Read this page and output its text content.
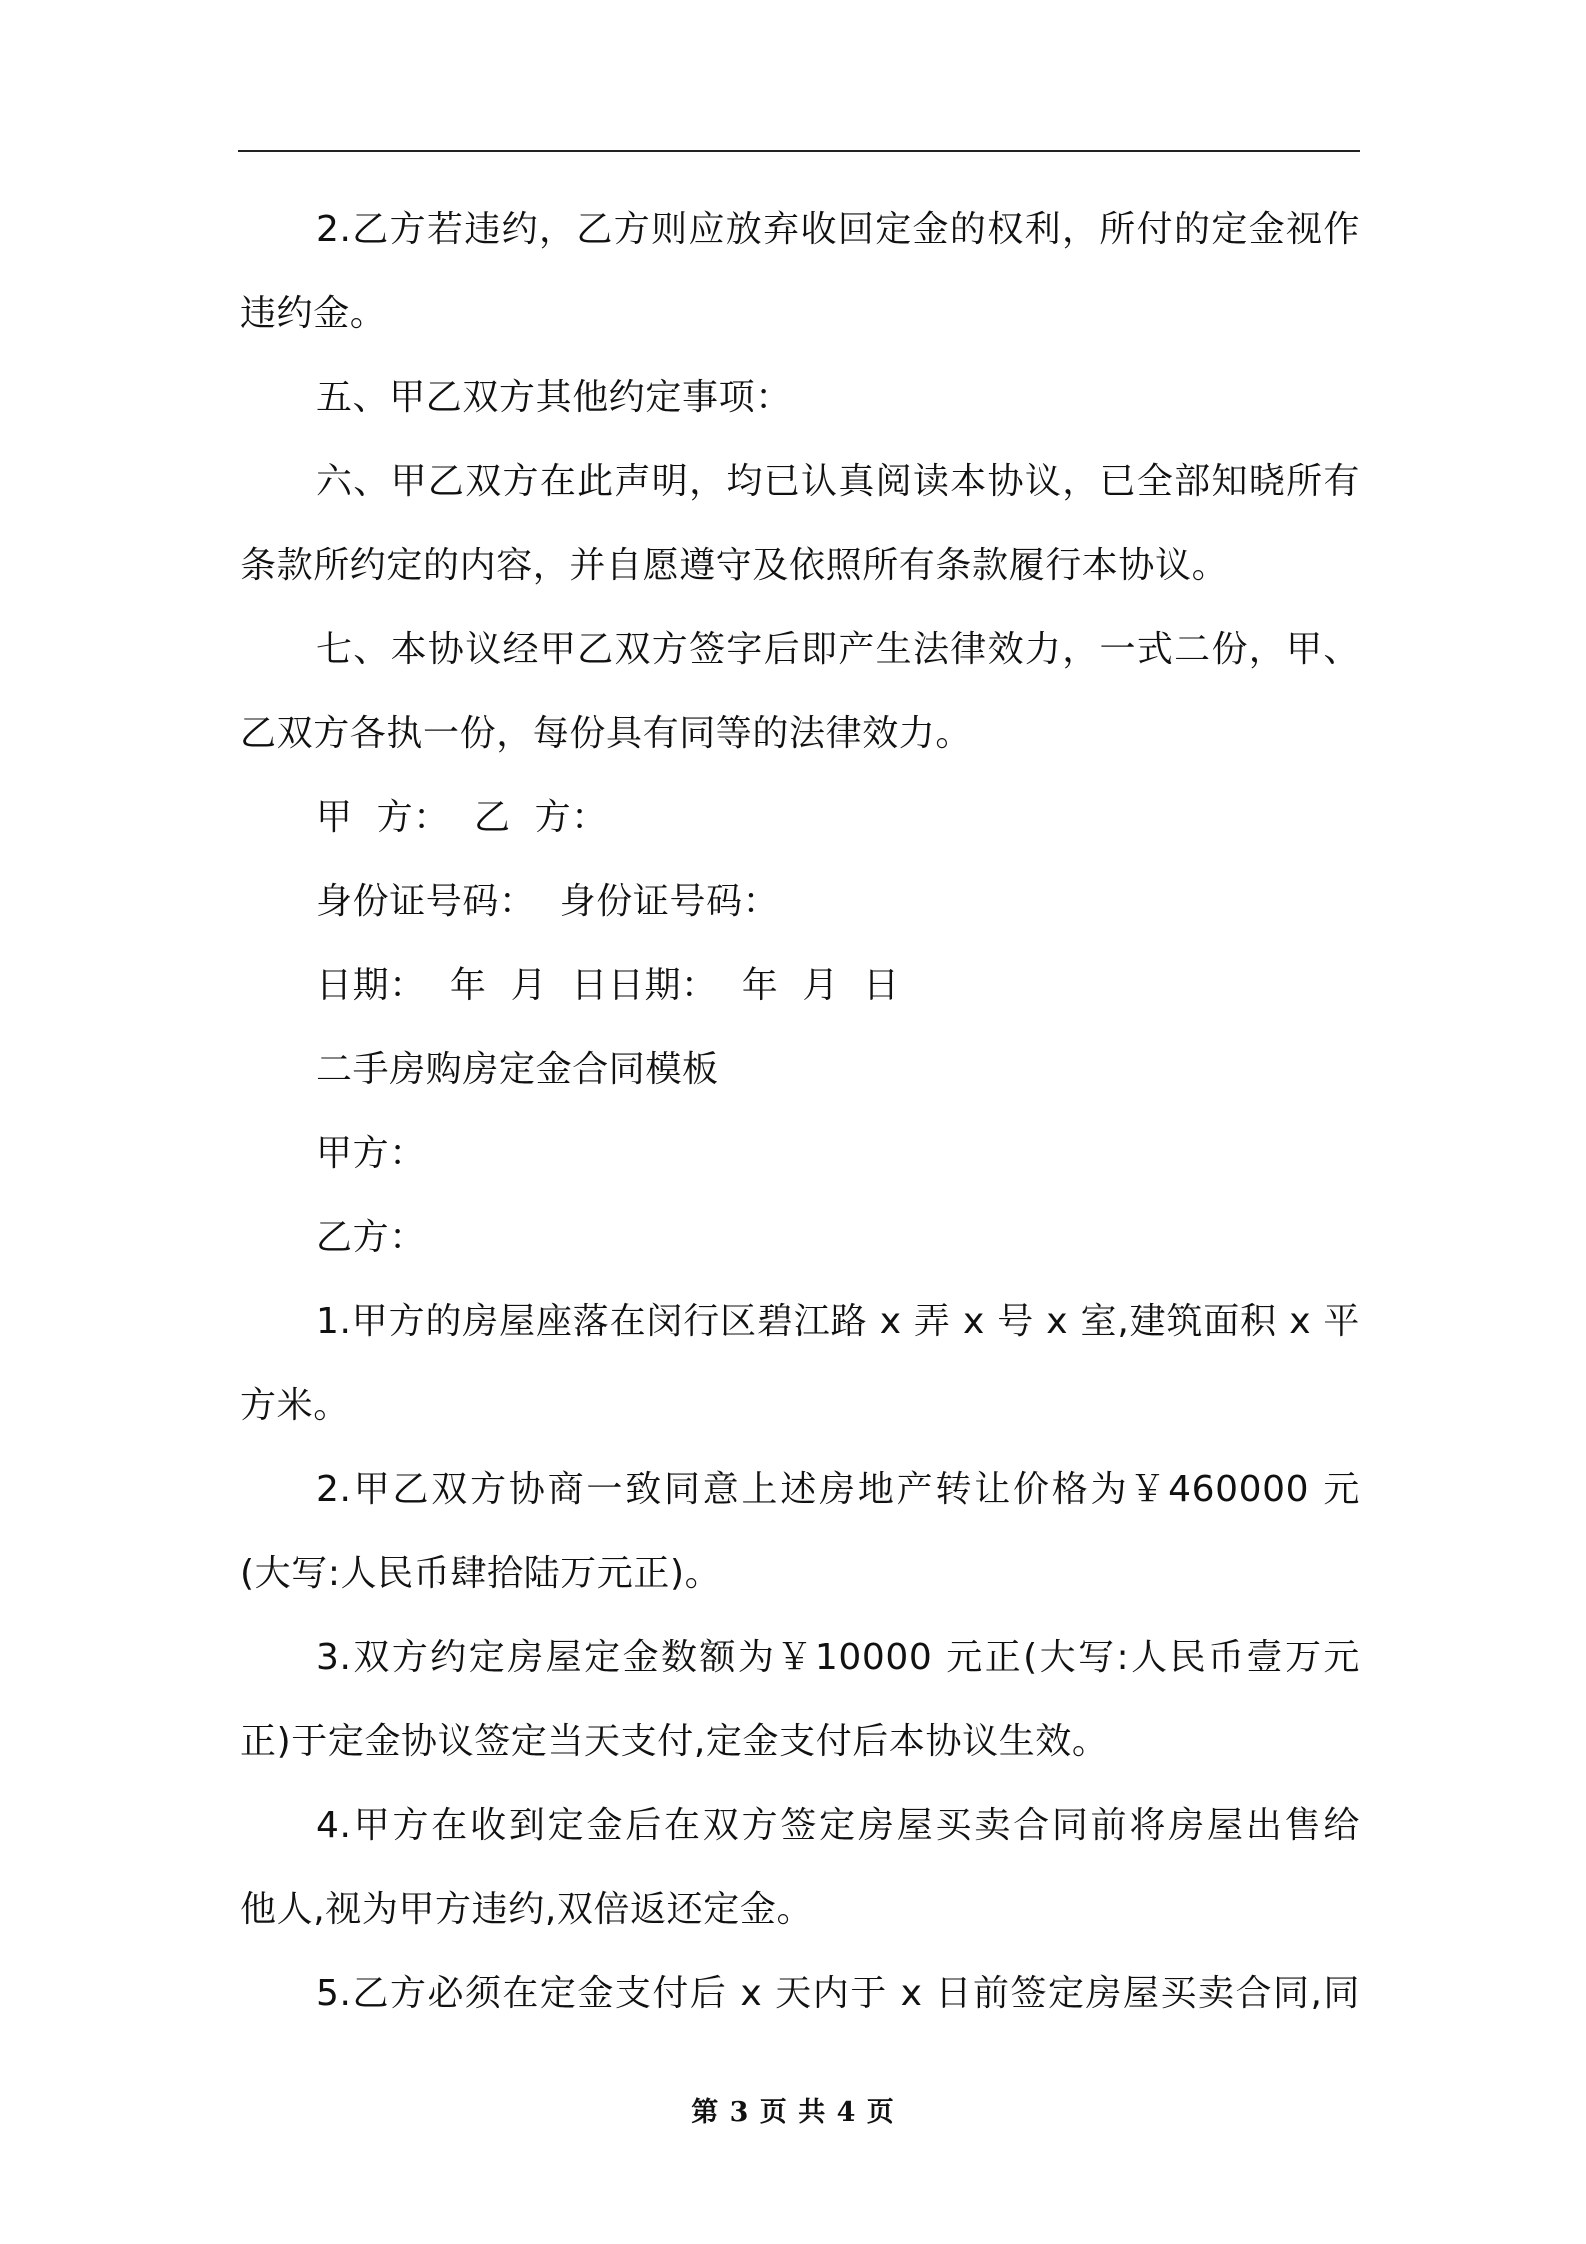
2.乙方若违约，乙方则应放弃收回定金的权利，所付的定金视作
违约金。
五、甲乙双方其他约定事项：
六、甲乙双方在此声明，均已认真阅读本协议，已全部知晓所有
条款所约定的内容，并自愿遵守及依照所有条款履行本协议。
七、本协议经甲乙双方签字后即产生法律效力，一式二份，甲、
乙双方各执一份，每份具有同等的法律效力。
甲  方：  乙  方：
身份证号码：  身份证号码：
日期：  年  月  日日期：  年  月  日
二手房购房定金合同模板
甲方：
乙方：
1.甲方的房屋座落在闵行区碧江路 x 弄 x 号 x 室,建筑面积 x 平
方米。
2.甲乙双方协商一致同意上述房地产转让价格为￥460000 元
(大写:人民币肆拾陆万元正)。
3.双方约定房屋定金数额为￥10000 元正(大写:人民币壹万元
正)于定金协议签定当天支付,定金支付后本协议生效。
4.甲方在收到定金后在双方签定房屋买卖合同前将房屋出售给
他人,视为甲方违约,双倍返还定金。
5.乙方必须在定金支付后 x 天内于 x 日前签定房屋买卖合同,同
第 3 页 共 4 页
